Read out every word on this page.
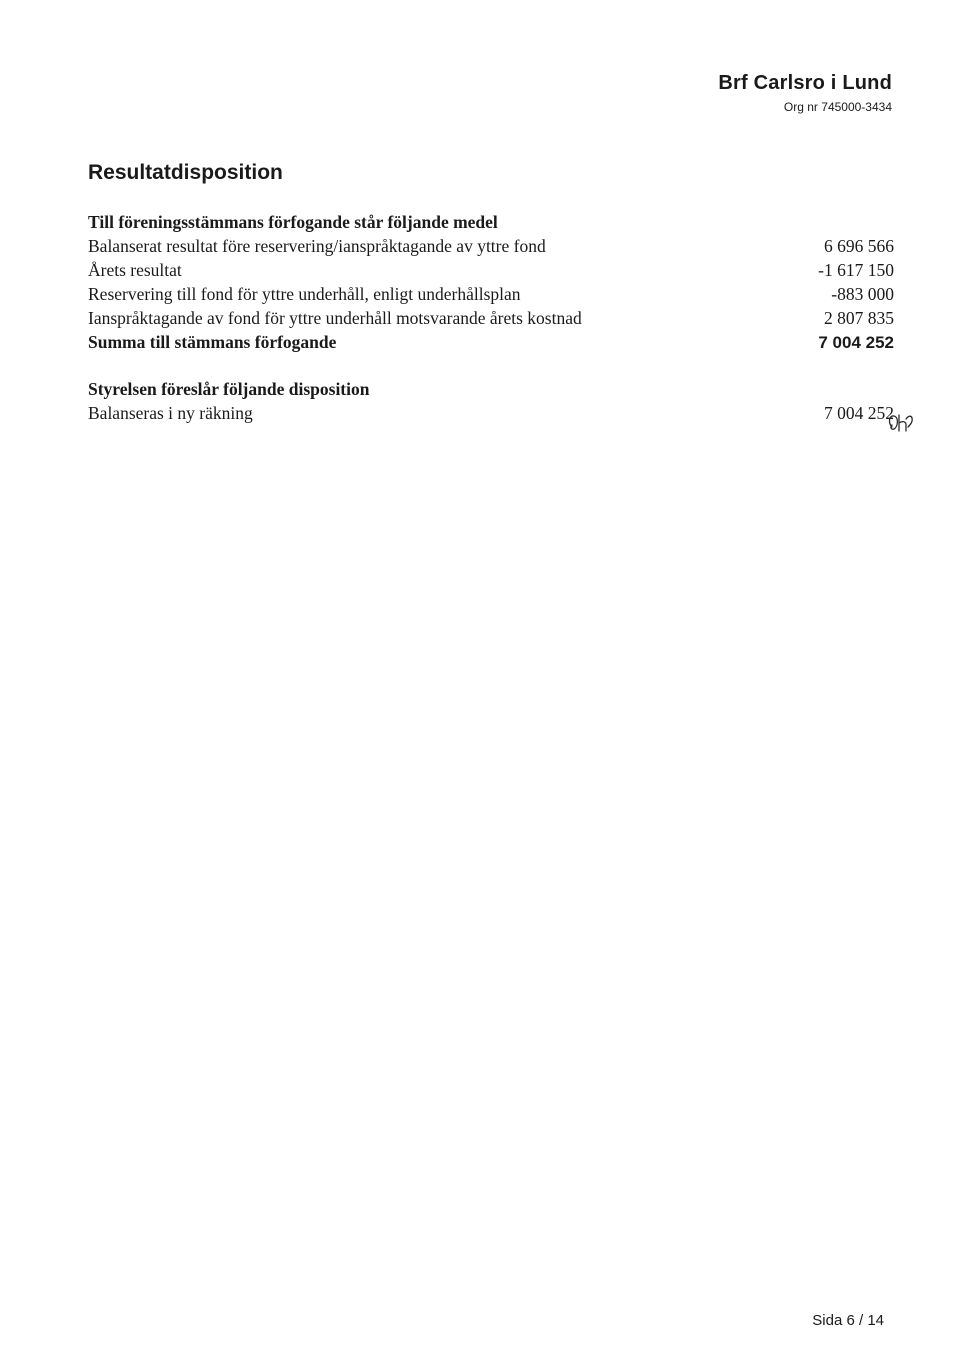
Brf Carlsro i Lund
Org nr 745000-3434
Resultatdisposition
Till föreningsstämmans förfogande står följande medel
Balanserat resultat före reservering/ianspråktagande av yttre fond	6 696 566
Årets resultat	-1 617 150
Reservering till fond för yttre underhåll, enligt underhållsplan	-883 000
Ianspråktagande av fond för yttre underhåll motsvarande årets kostnad	2 807 835
Summa till stämmans förfogande	7 004 252
Styrelsen föreslår följande disposition
Balanseras i ny räkning	7 004 252
Sida 6 / 14
